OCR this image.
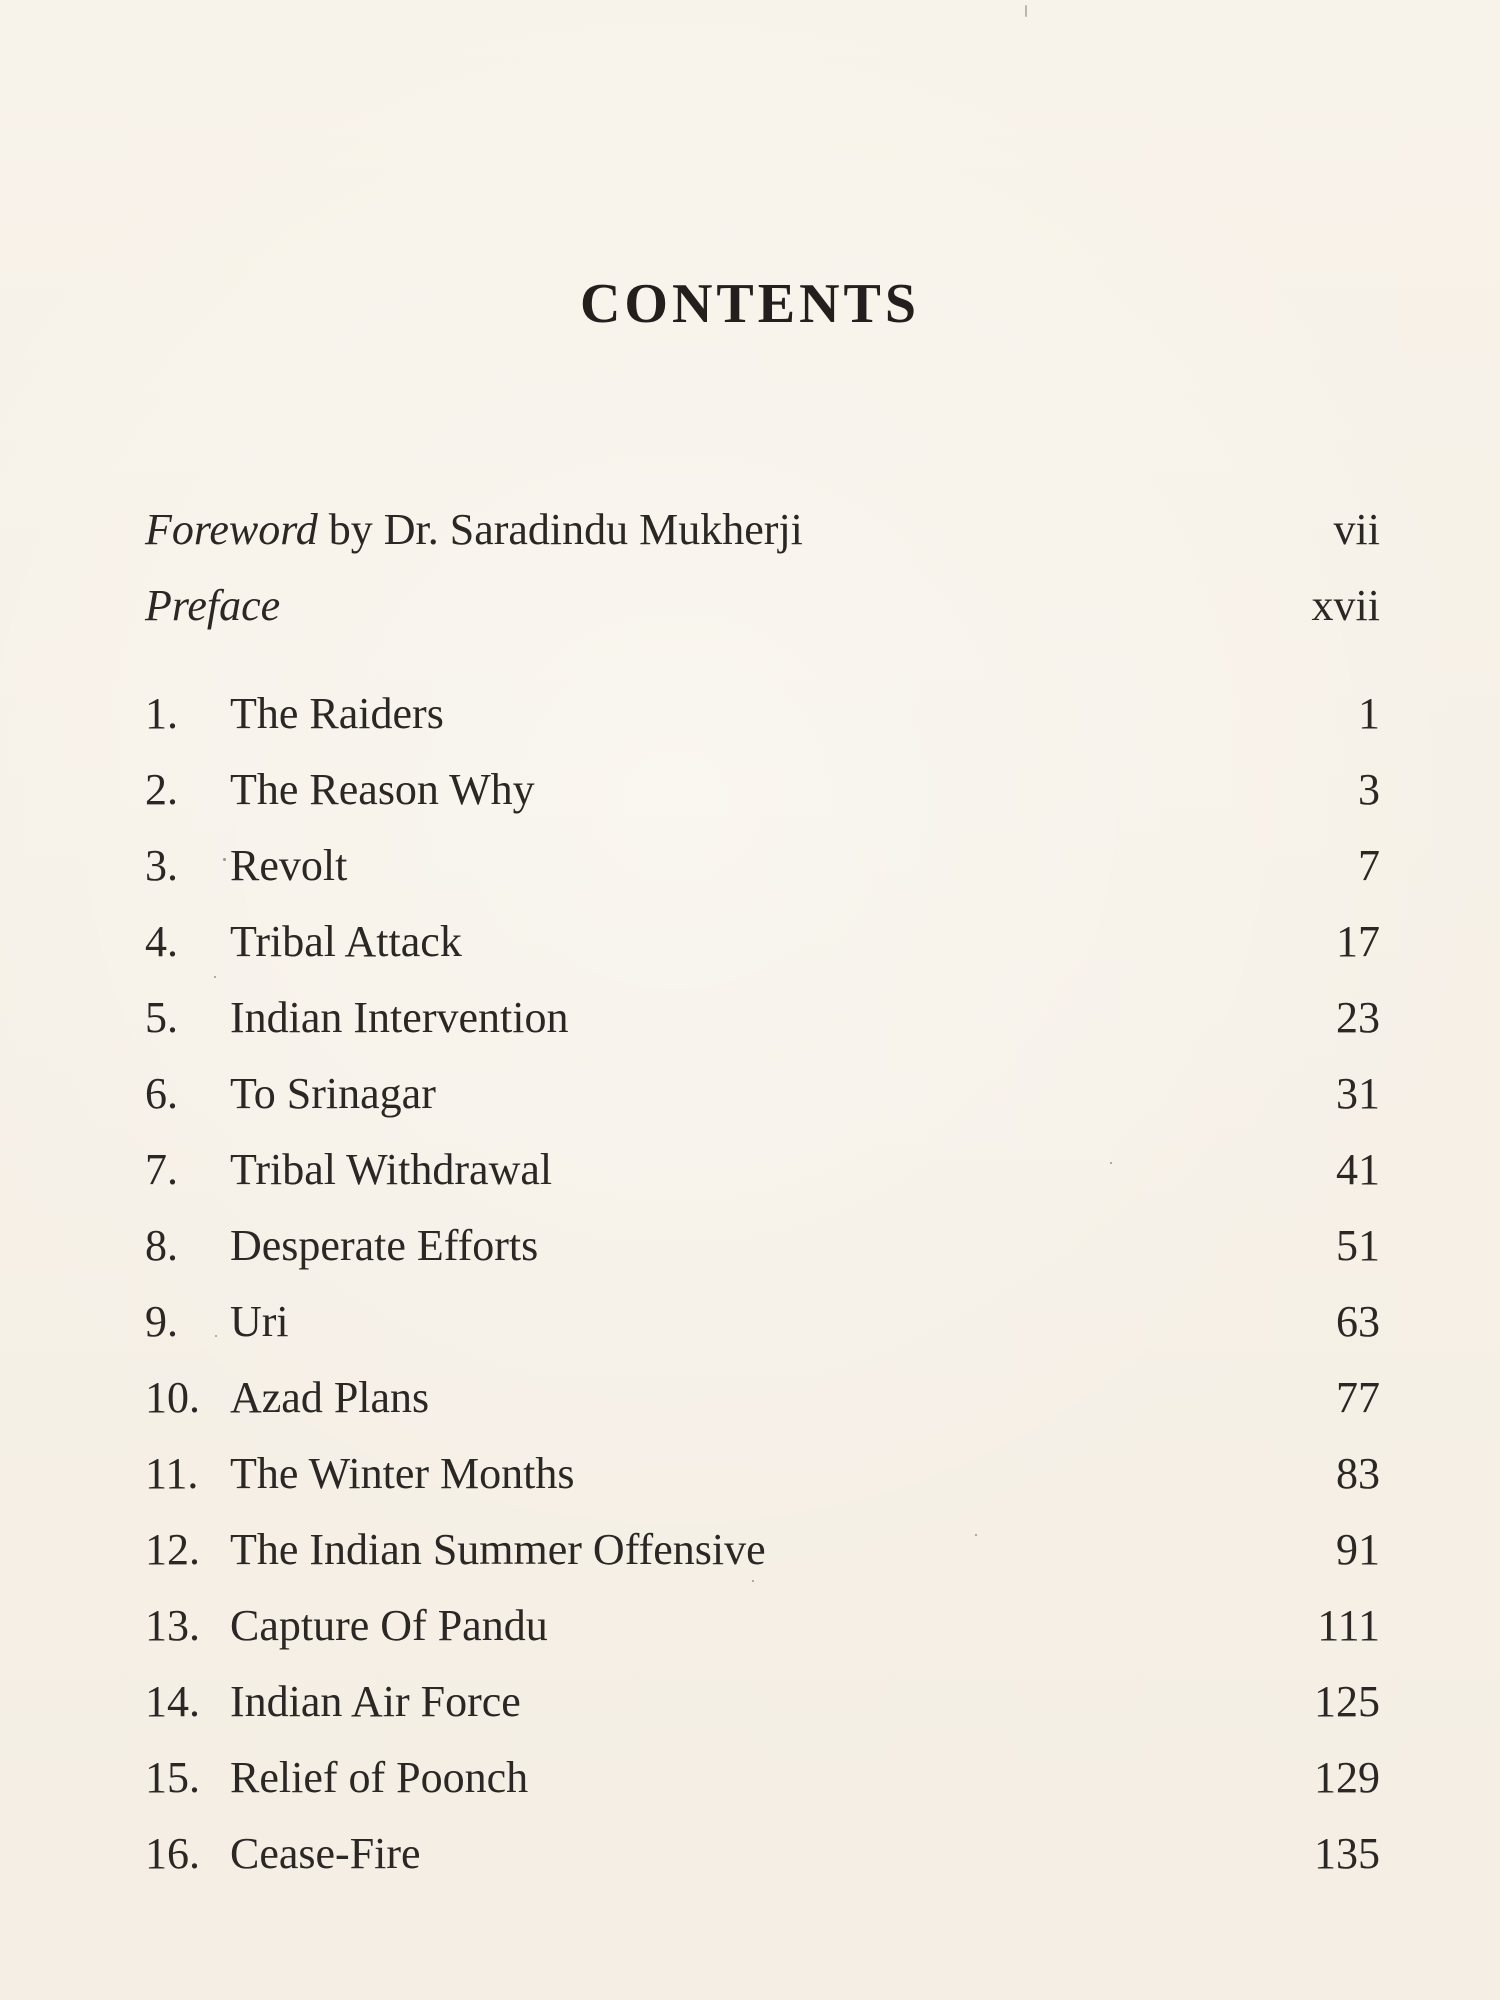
CONTENTS
Foreword by Dr. Saradindu Mukherji	vii
Preface	xvii
1.	The Raiders	1
2.	The Reason Why	3
3.	Revolt	7
4.	Tribal Attack	17
5.	Indian Intervention	23
6.	To Srinagar	31
7.	Tribal Withdrawal	41
8.	Desperate Efforts	51
9.	Uri	63
10. Azad Plans	77
11. The Winter Months	83
12. The Indian Summer Offensive	91
13. Capture Of Pandu	111
14. Indian Air Force	125
15. Relief of Poonch	129
16. Cease-Fire	135
